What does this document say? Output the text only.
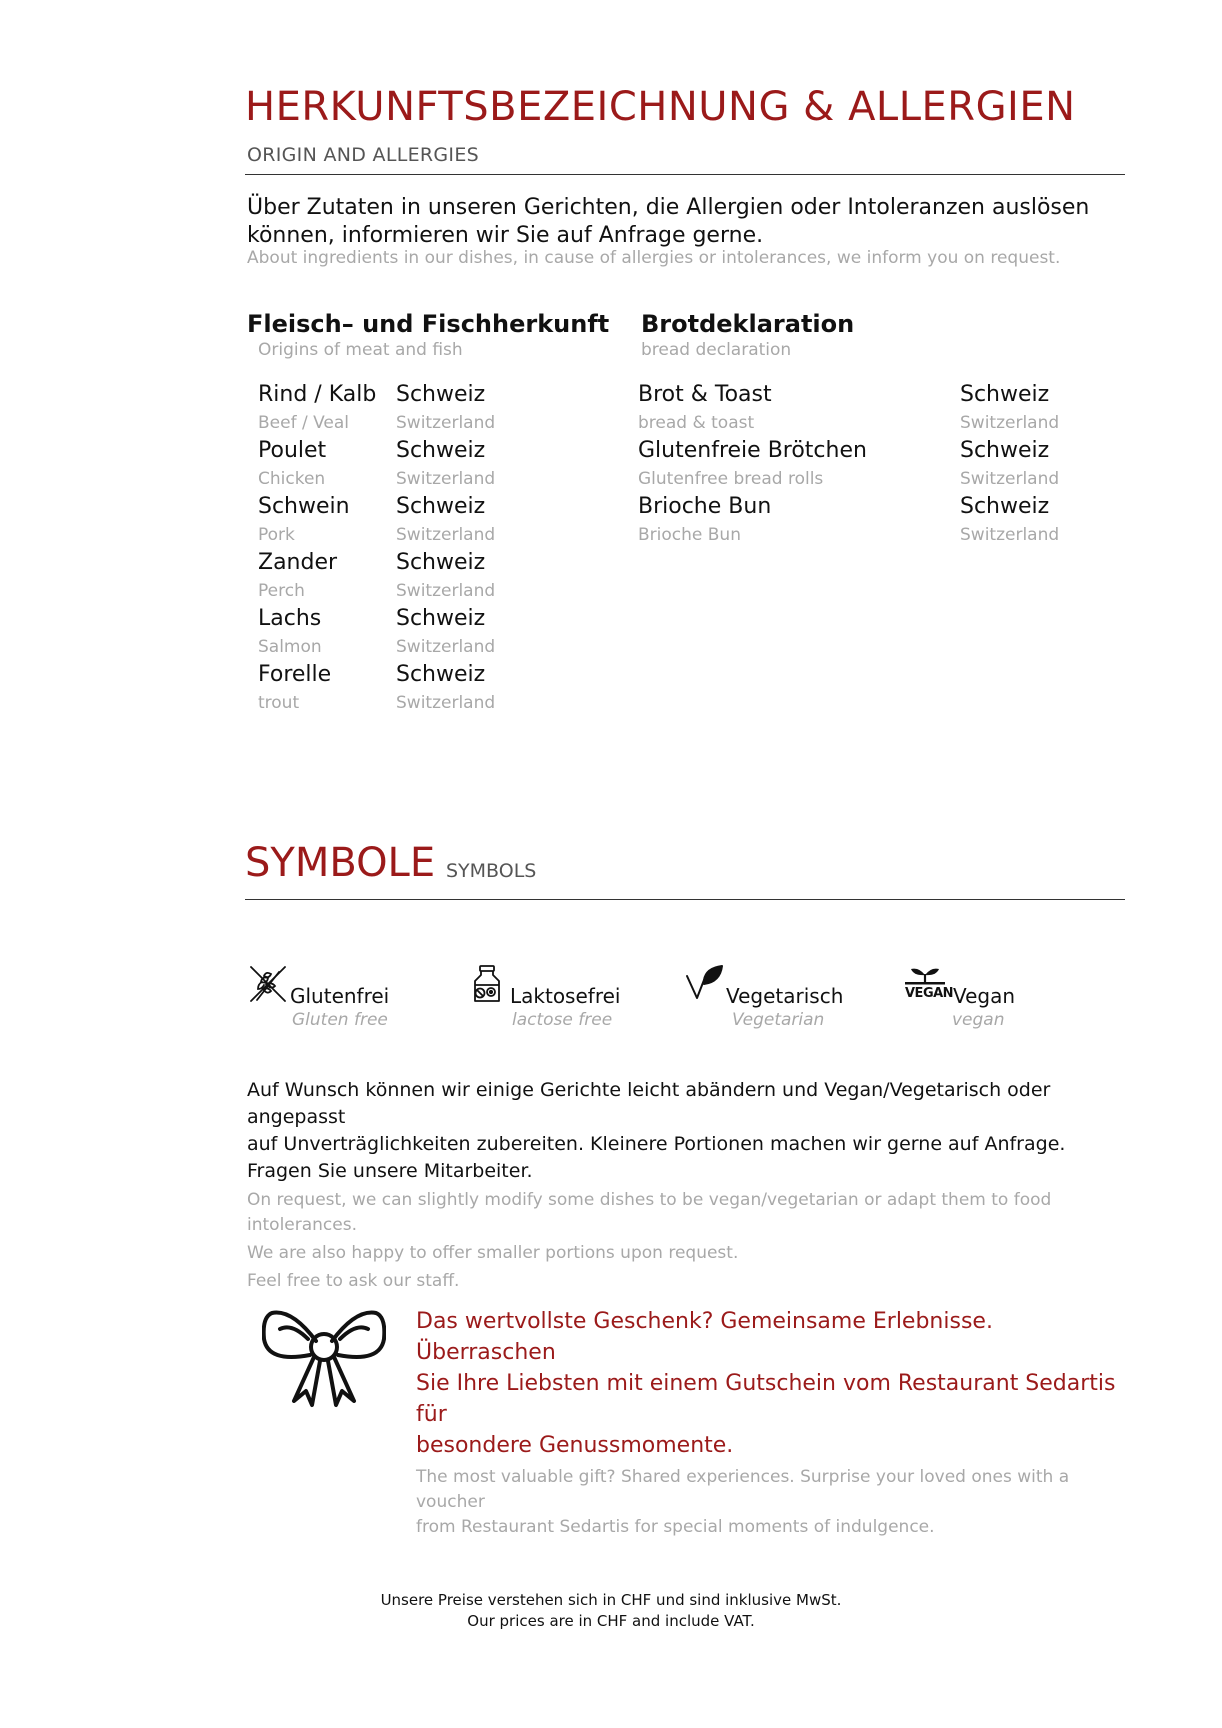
HERKUNFTSBEZEICHNUNG & ALLERGIEN
ORIGIN AND ALLERGIES
Über Zutaten in unseren Gerichten, die Allergien oder Intoleranzen auslösen können, informieren wir Sie auf Anfrage gerne.
About ingredients in our dishes, in cause of allergies or intolerances, we inform you on request.
Fleisch– und Fischherkunft
Origins of meat and fish
Rind / Kalb
Beef / Veal
Poulet
Chicken
Schwein
Pork
Zander
Perch
Lachs
Salmon
Forelle
trout
Schweiz
Switzerland
Schweiz
Switzerland
Schweiz
Switzerland
Schweiz
Switzerland
Schweiz
Switzerland
Schweiz
Switzerland
Brotdeklaration
bread declaration
Brot & Toast
bread & toast
Glutenfreie Brötchen
Glutenfree bread rolls
Brioche Bun
Brioche Bun
Schweiz
Switzerland
Schweiz
Switzerland
Schweiz
Switzerland
SYMBOLE SYMBOLS
Glutenfrei
Gluten free
Laktosefrei
lactose free
Vegetarisch
Vegetarian
VEGAN Vegan
vegan
Auf Wunsch können wir einige Gerichte leicht abändern und Vegan/Vegetarisch oder angepasst
auf Unverträglichkeiten zubereiten. Kleinere Portionen machen wir gerne auf Anfrage.
Fragen Sie unsere Mitarbeiter.
On request, we can slightly modify some dishes to be vegan/vegetarian or adapt them to food intolerances.
We are also happy to offer smaller portions upon request.
Feel free to ask our staff.
Das wertvollste Geschenk? Gemeinsame Erlebnisse. Überraschen
Sie Ihre Liebsten mit einem Gutschein vom Restaurant Sedartis für
besondere Genussmomente.
The most valuable gift? Shared experiences. Surprise your loved ones with a voucher
from Restaurant Sedartis for special moments of indulgence.
Unsere Preise verstehen sich in CHF und sind inklusive MwSt.
Our prices are in CHF and include VAT.
